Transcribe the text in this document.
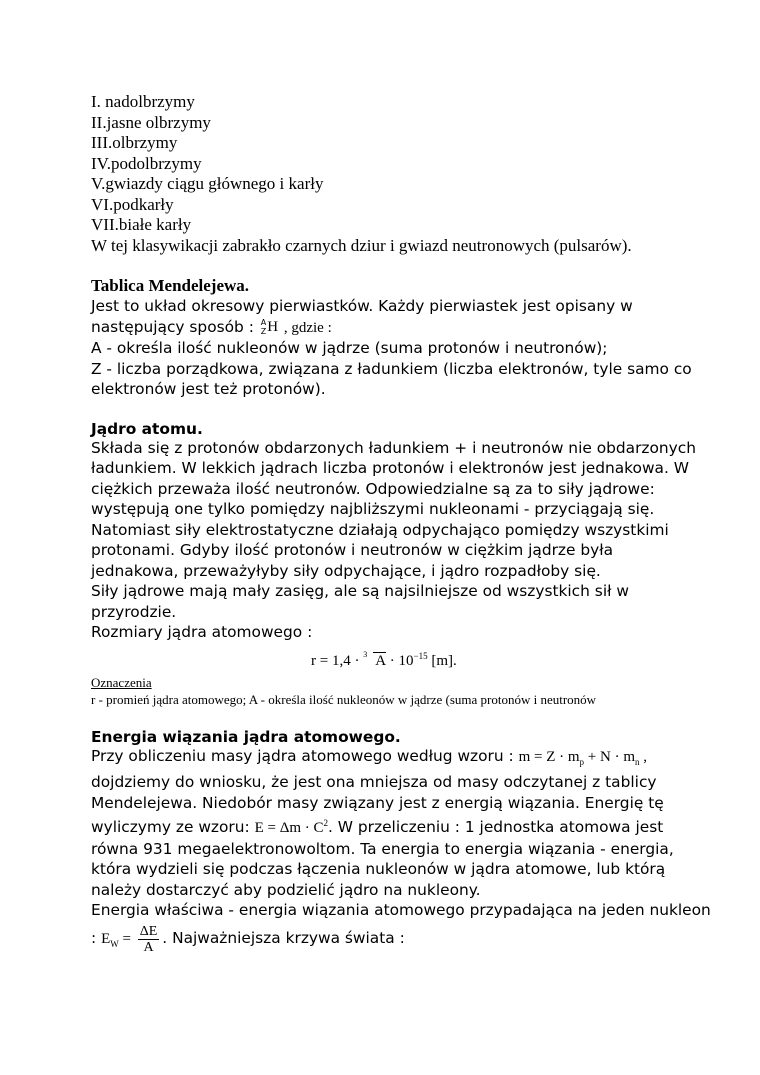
I. nadolbrzymy
II.jasne olbrzymy
III.olbrzymy
IV.podolbrzymy
V.gwiazdy ciągu głównego i karły
VI.podkarły
VII.białe karły
W tej klasywikacji zabrakło czarnych dziur i gwiazd neutronowych (pulsarów).
Tablica Mendelejewa.
Jest to układ okresowy pierwiastków. Każdy pierwiastek jest opisany w
następujący sposób : A
Z H , gdzie :
A - określa ilość nukleonów w jądrze (suma protonów i neutronów);
Z - liczba porządkowa, związana z ładunkiem (liczba elektronów, tyle samo co
elektronów jest też protonów).
Jądro atomu.
Składa się z protonów obdarzonych ładunkiem + i neutronów nie obdarzonych
ładunkiem. W lekkich jądrach liczba protonów i elektronów jest jednakowa. W
ciężkich przeważa ilość neutronów. Odpowiedzialne są za to siły jądrowe:
występują one tylko pomiędzy najbliższymi nukleonami - przyciągają się.
Natomiast siły elektrostatyczne działają odpychająco pomiędzy wszystkimi
protonami. Gdyby ilość protonów i neutronów w ciężkim jądrze była
jednakowa, przeważyłyby siły odpychające, i jądro rozpadłoby się.
Siły jądrowe mają mały zasięg, ale są najsilniejsze od wszystkich sił w
przyrodzie.
Rozmiary jądra atomowego :
r = 1,4 · 3 $A \cdot 10^{-15}$ [m].
Oznaczenia
r - promień jądra atomowego; A - określa ilość nukleonów w jądrze (suma protonów i neutronów
Energia wiązania jądra atomowego.
Przy obliczeniu masy jądra atomowego według wzoru : $m = Z \cdot m_p + N \cdot m_n$ ,
dojdziemy do wniosku, że jest ona mniejsza od masy odczytanej z tablicy
Mendelejewa. Niedobór masy związany jest z energią wiązania. Energię tę
wyliczymy ze wzoru: $E = \Delta m \cdot C^2$. W przeliczeniu : 1 jednostka atomowa jest
równa 931 megaelektronowoltom. Ta energia to energia wiązania - energia,
która wydzieli się podczas łączenia nukleonów w jądra atomowe, lub którą
należy dostarczyć aby podzielić jądro na nukleony.
Energia właściwa - energia wiązania atomowego przypadająca na jeden nukleon
: $E_W = \frac{\Delta E}{A}$ . Najważniejsza krzywa świata :
